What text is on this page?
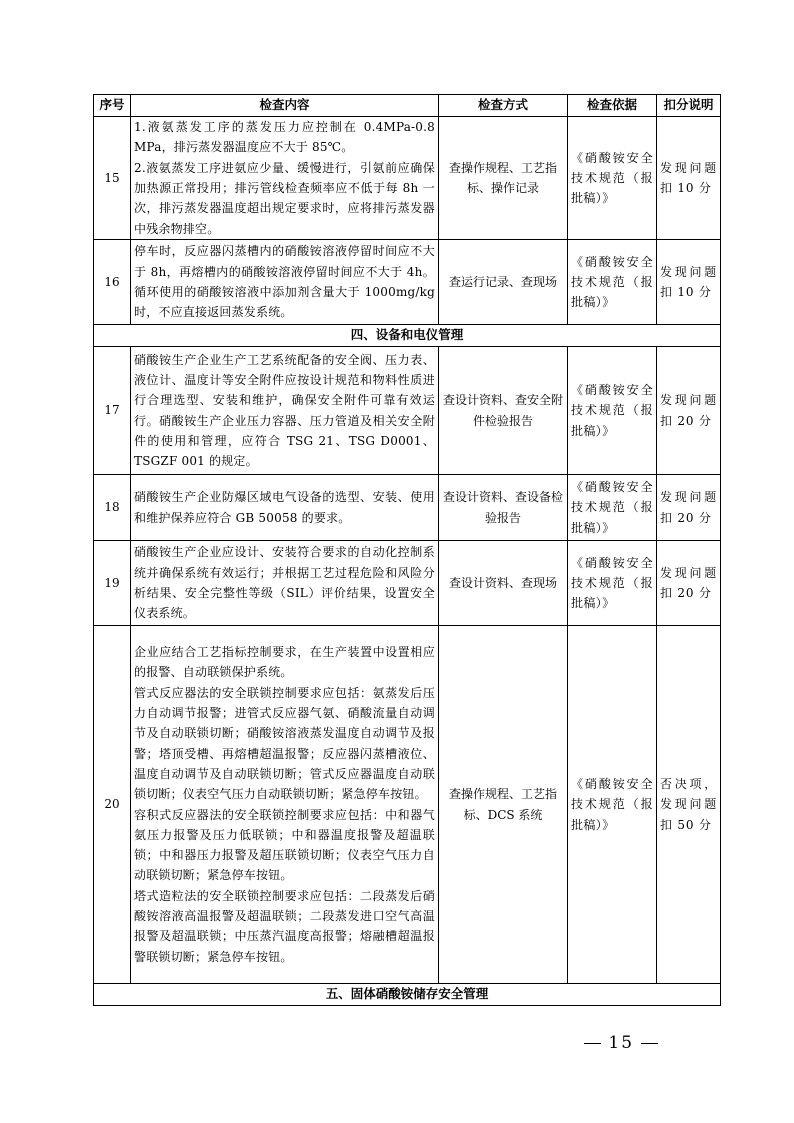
序号	检查内容	检查方式	检查依据	扣分说明
15	1.液氨蒸发工序的蒸发压力应控制在 0.4MPa-0.8 MPa，排污蒸发器温度应不大于 85℃。
2.液氨蒸发工序进氨应少量、缓慢进行，引氨前应确保加热源正常投用；排污管线检查频率应不低于每 8h 一次，排污蒸发器温度超出规定要求时，应将排污蒸发器中残余物排空。	查操作规程、工艺指标、操作记录	《硝酸铵安全技术规范（报批稿）》	发现问题扣 10 分
16	停车时，反应器闪蒸槽内的硝酸铵溶液停留时间应不大于 8h，再熔槽内的硝酸铵溶液停留时间应不大于 4h。循环使用的硝酸铵溶液中添加剂含量大于 1000mg/kg 时，不应直接返回蒸发系统。	查运行记录、查现场	《硝酸铵安全技术规范（报批稿）》	发现问题扣 10 分
四、设备和电仪管理				
17	硝酸铵生产企业生产工艺系统配备的安全阀、压力表、液位计、温度计等安全附件应按设计规范和物料性质进行合理选型、安装和维护，确保安全附件可靠有效运行。硝酸铵生产企业压力容器、压力管道及相关安全附件的使用和管理，应符合 TSG 21、TSG D0001、TSGZF 001 的规定。	查设计资料、查安全附件检验报告	《硝酸铵安全技术规范（报批稿）》	发现问题扣 20 分
18	硝酸铵生产企业防爆区域电气设备的选型、安装、使用和维护保养应符合 GB 50058 的要求。	查设计资料、查设备检验报告	《硝酸铵安全技术规范（报批稿）》	发现问题扣 20 分
19	硝酸铵生产企业应设计、安装符合要求的自动化控制系统并确保系统有效运行；并根据工艺过程危险和风险分析结果、安全完整性等级（SIL）评价结果，设置安全仪表系统。	查设计资料、查现场	《硝酸铵安全技术规范（报批稿）》	发现问题扣 20 分
20	企业应结合工艺指标控制要求，在生产装置中设置相应的报警、自动联锁保护系统。
管式反应器法的安全联锁控制要求应包括：氨蒸发后压力自动调节报警；进管式反应器气氨、硝酸流量自动调节及自动联锁切断；硝酸铵溶液蒸发温度自动调节及报警；塔顶受槽、再熔槽超温报警；反应器闪蒸槽液位、温度自动调节及自动联锁切断；管式反应器温度自动联锁切断；仪表空气压力自动联锁切断；紧急停车按钮。
容积式反应器法的安全联锁控制要求应包括：中和器气氨压力报警及压力低联锁；中和器温度报警及超温联锁；中和器压力报警及超压联锁切断；仪表空气压力自动联锁切断；紧急停车按钮。
塔式造粒法的安全联锁控制要求应包括：二段蒸发后硝酸铵溶液高温报警及超温联锁；二段蒸发进口空气高温报警及超温联锁；中压蒸汽温度高报警；熔融槽超温报警联锁切断；紧急停车按钮。	查操作规程、工艺指标、DCS 系统	《硝酸铵安全技术规范（报批稿）》	否决项，发现问题扣 50 分
五、固体硝酸铵储存安全管理				
15
